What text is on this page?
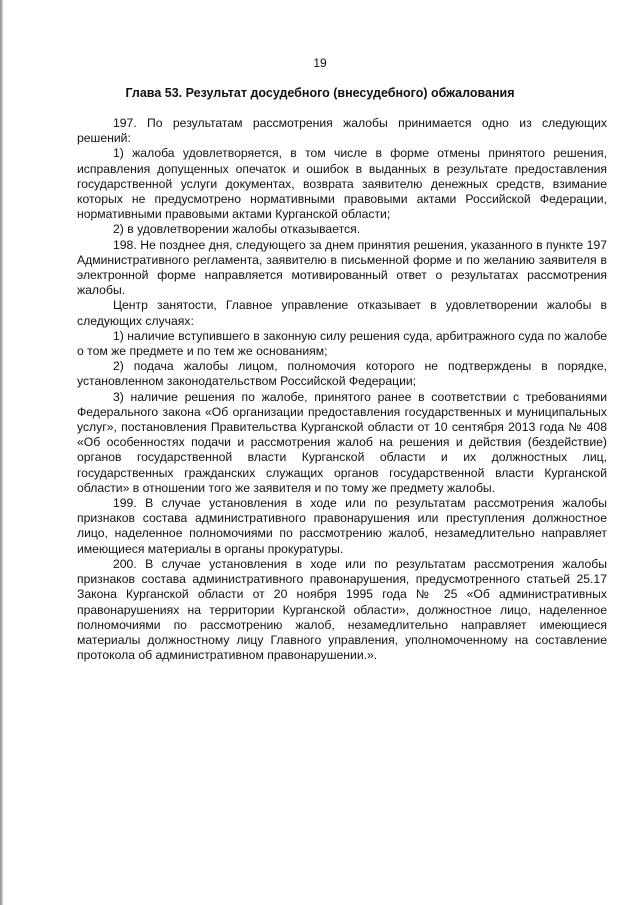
19
Глава 53. Результат досудебного (внесудебного) обжалования

197. По результатам рассмотрения жалобы принимается одно из следующих решений:

1) жалоба удовлетворяется, в том числе в форме отмены принятого решения, исправления допущенных опечаток и ошибок в выданных в результате предоставления государственной услуги документах, возврата заявителю денежных средств, взимание которых не предусмотрено нормативными правовыми актами Российской Федерации, нормативными правовыми актами Курганской области;

2) в удовлетворении жалобы отказывается.

198. Не позднее дня, следующего за днем принятия решения, указанного в пункте 197 Административного регламента, заявителю в письменной форме и по желанию заявителя в электронной форме направляется мотивированный ответ о результатах рассмотрения жалобы.

Центр занятости, Главное управление отказывает в удовлетворении жалобы в следующих случаях:

1) наличие вступившего в законную силу решения суда, арбитражного суда по жалобе о том же предмете и по тем же основаниям;

2) подача жалобы лицом, полномочия которого не подтверждены в порядке, установленном законодательством Российской Федерации;

3) наличие решения по жалобе, принятого ранее в соответствии с требованиями Федерального закона «Об организации предоставления государственных и муниципальных услуг», постановления Правительства Курганской области от 10 сентября 2013 года № 408 «Об особенностях подачи и рассмотрения жалоб на решения и действия (бездействие) органов государственной власти Курганской области и их должностных лиц, государственных гражданских служащих органов государственной власти Курганской области» в отношении того же заявителя и по тому же предмету жалобы.

199. В случае установления в ходе или по результатам рассмотрения жалобы признаков состава административного правонарушения или преступления должностное лицо, наделенное полномочиями по рассмотрению жалоб, незамедлительно направляет имеющиеся материалы в органы прокуратуры.

200. В случае установления в ходе или по результатам рассмотрения жалобы признаков состава административного правонарушения, предусмотренного статьей 25.17 Закона Курганской области от 20 ноября 1995 года № 25 «Об административных правонарушениях на территории Курганской области», должностное лицо, наделенное полномочиями по рассмотрению жалоб, незамедлительно направляет имеющиеся материалы должностному лицу Главного управления, уполномоченному на составление протокола об административном правонарушении.».
